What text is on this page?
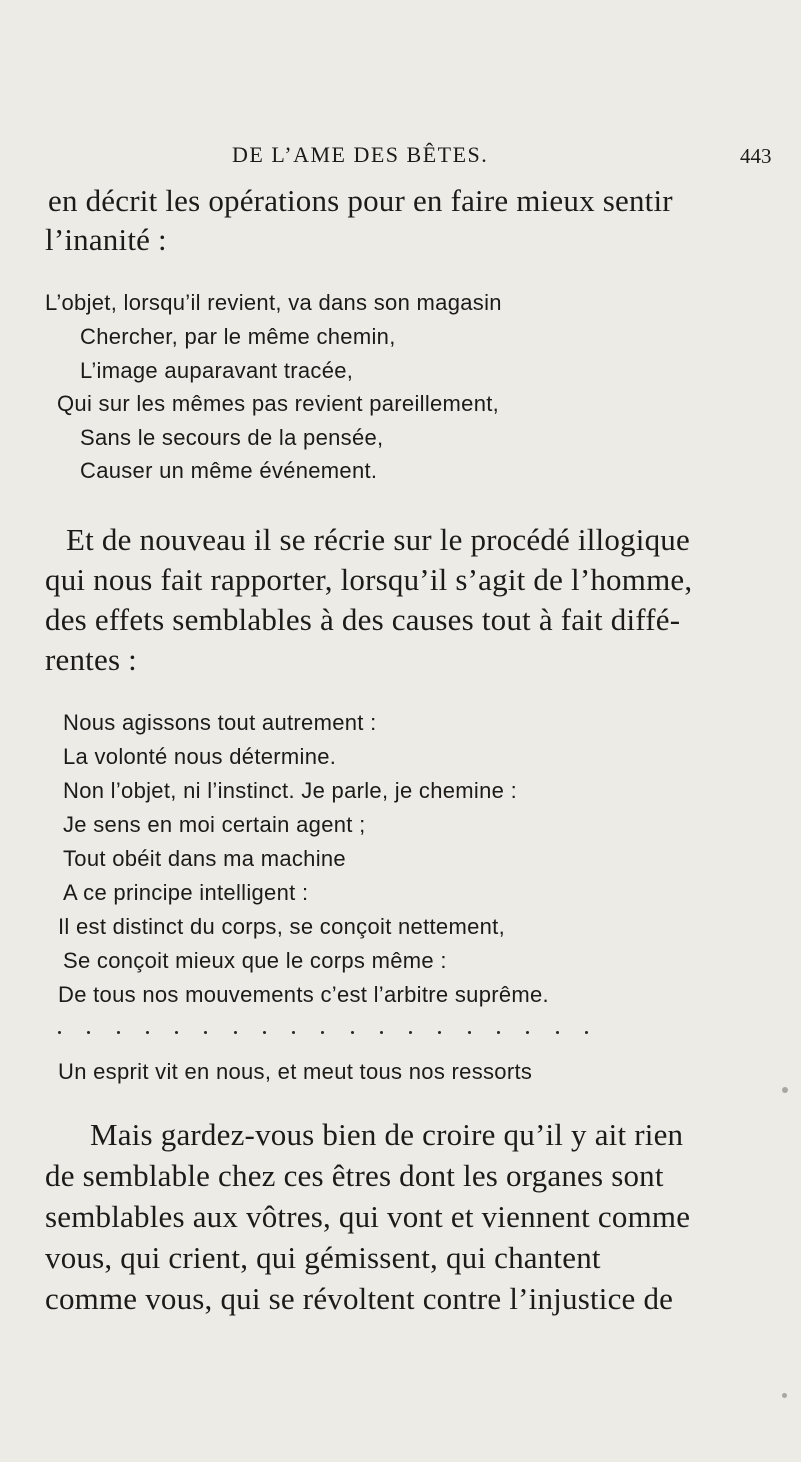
DE L’AME DES BÊTES.	443
en décrit les opérations pour en faire mieux sentir
l’inanité :
L’objet, lorsqu’il revient, va dans son magasin
Chercher, par le même chemin,
L’image auparavant tracée,
Qui sur les mêmes pas revient pareillement,
Sans le secours de la pensée,
Causer un même événement.
Et de nouveau il se récrie sur le procédé illogique
qui nous fait rapporter, lorsqu’il s’agit de l’homme,
des effets semblables à des causes tout à fait diffé-
rentes :
Nous agissons tout autrement :
La volonté nous détermine.
Non l’objet, ni l’instinct. Je parle, je chemine :
Je sens en moi certain agent ;
Tout obéit dans ma machine
A ce principe intelligent :
Il est distinct du corps, se conçoit nettement,
Se conçoit mieux que le corps même :
De tous nos mouvements c’est l’arbitre suprême.
Un esprit vit en nous, et meut tous nos ressorts
Mais gardez-vous bien de croire qu’il y ait rien
de semblable chez ces êtres dont les organes sont
semblables aux vôtres, qui vont et viennent comme
vous, qui crient, qui gémissent, qui chantent
comme vous, qui se révoltent contre l’injustice de
